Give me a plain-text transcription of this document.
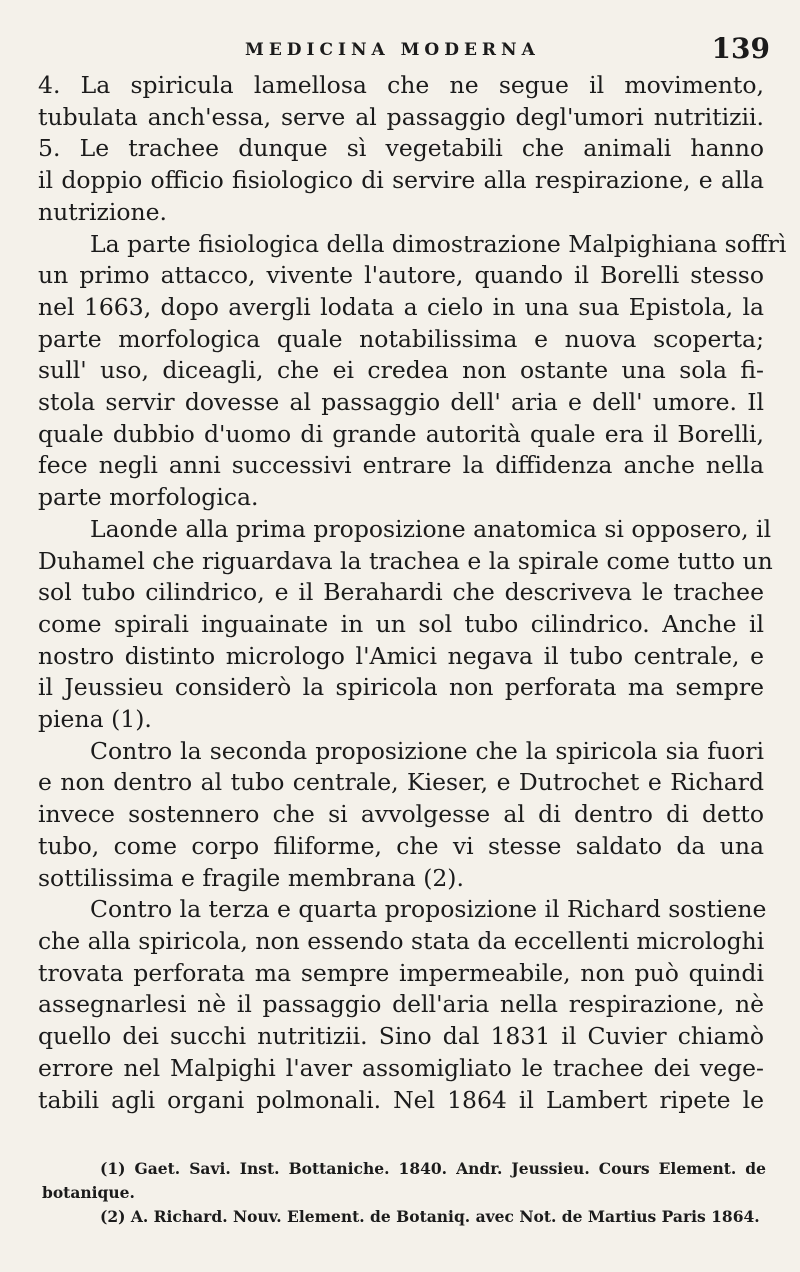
MEDICINA MODERNA	139
4. La spiricula lamellosa che ne segue il movimento,
tubulata anch'essa, serve al passaggio degl'umori nutritizii.
5. Le trachee dunque sì vegetabili che animali hanno
il doppio officio fisiologico di servire alla respirazione, e alla
nutrizione.
La parte fisiologica della dimostrazione Malpighiana soffrì
un primo attacco, vivente l'autore, quando il Borelli stesso
nel 1663, dopo avergli lodata a cielo in una sua Epistola, la
parte morfologica quale notabilissima e nuova scoperta;
sull' uso, diceagli, che ei credea non ostante una sola fi-
stola servir dovesse al passaggio dell' aria e dell' umore. Il
quale dubbio d'uomo di grande autorità quale era il Borelli,
fece negli anni successivi entrare la diffidenza anche nella
parte morfologica.
Laonde alla prima proposizione anatomica si opposero, il
Duhamel che riguardava la trachea e la spirale come tutto un
sol tubo cilindrico, e il Berahardi che descriveva le trachee
come spirali inguainate in un sol tubo cilindrico. Anche il
nostro distinto micrologo l'Amici negava il tubo centrale, e
il Jeussieu considerò la spiricola non perforata ma sempre
piena (1).
Contro la seconda proposizione che la spiricola sia fuori
e non dentro al tubo centrale, Kieser, e Dutrochet e Richard
invece sostennero che si avvolgesse al di dentro di detto
tubo, come corpo filiforme, che vi stesse saldato da una
sottilissima e fragile membrana (2).
Contro la terza e quarta proposizione il Richard sostiene
che alla spiricola, non essendo stata da eccellenti microloghi
trovata perforata ma sempre impermeabile, non può quindi
assegnarlesi nè il passaggio dell'aria nella respirazione, nè
quello dei succhi nutritizii. Sino dal 1831 il Cuvier chiamò
errore nel Malpighi l'aver assomigliato le trachee dei vege-
tabili agli organi polmonali. Nel 1864 il Lambert ripete le
(1) Gaet. Savi. Inst. Bottaniche. 1840. Andr. Jeussieu. Cours Element. de
botanique.
(2) A. Richard. Nouv. Element. de Botaniq. avec Not. de Martius Paris 1864.
